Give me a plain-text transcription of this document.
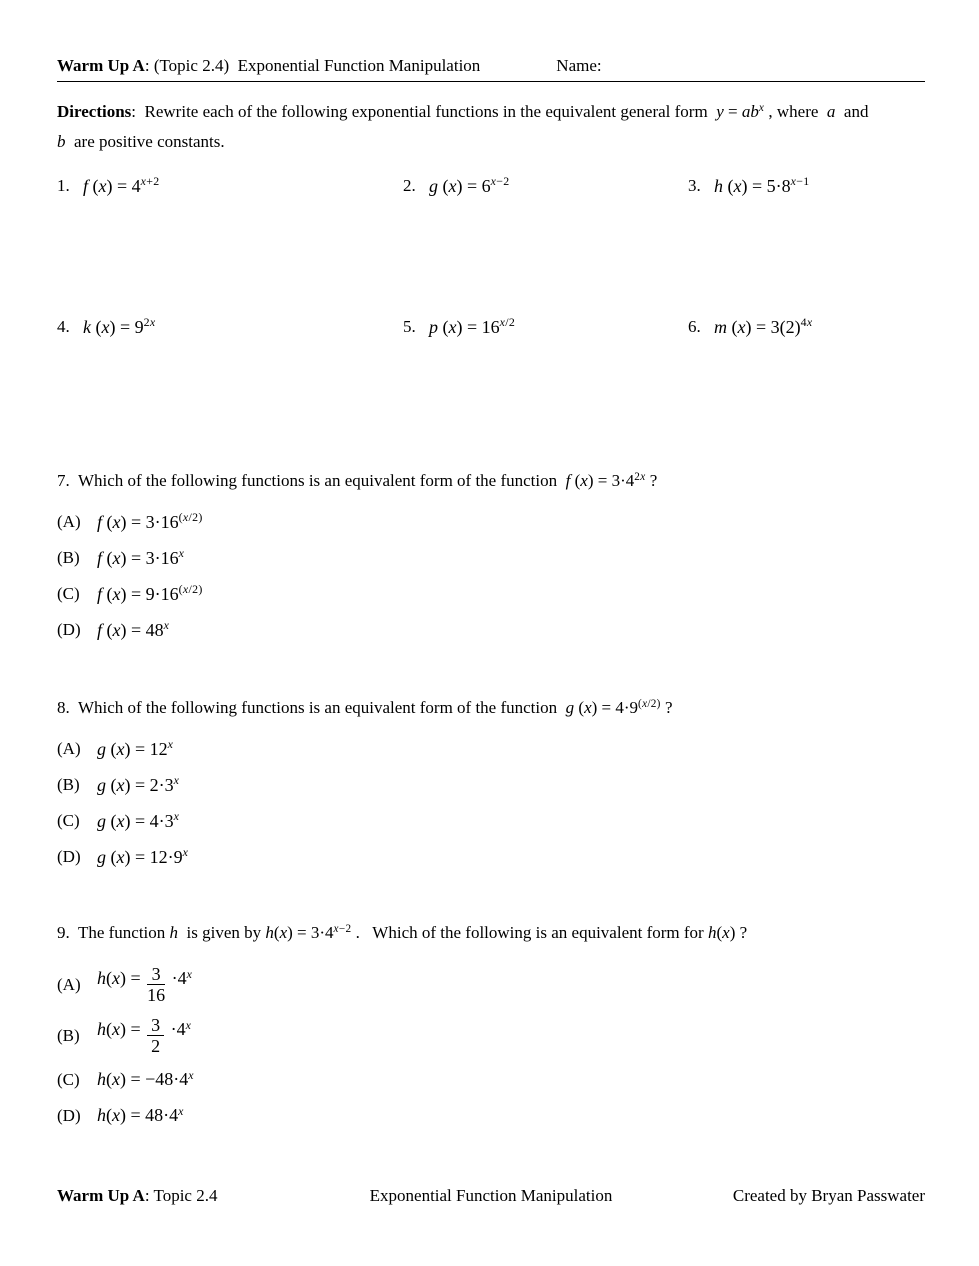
Warm Up A: (Topic 2.4)  Exponential Function Manipulation	Name:

Directions:  Rewrite each of the following exponential functions in the equivalent general form  $y = ab^x$ , where  a  and
b  are positive constants.

1. f $(x) = 4^{x+2}$	2. g $(x) = 6^{x-2}$	3. h $(x) = 5\cdot 8^{x-1}$
4. k $(x) = 9^{2x}$	5. p $(x) = 16^{x/2}$	6. m $(x) = 3(2)^{4x}$

7.  Which of the following functions is an equivalent form of the function  f $(x) = 3\cdot 4^{2x}$ ?

(A) f $(x) = 3\cdot 16^{(x/2)}$
(B) f $(x) = 3\cdot 16^x$
(C) f $(x) = 9\cdot 16^{(x/2)}$
(D) f $(x) = 48^x$

8.  Which of the following functions is an equivalent form of the function  g $(x) = 4\cdot 9^{(x/2)}$ ?

(A) g $(x) = 12^x$
(B) g $(x) = 2\cdot 3^x$
(C) g $(x) = 4\cdot 3^x$
(D) g $(x) = 12\cdot 9^x$

9.  The function h  is given by $h(x) = 3\cdot 4^{x-2}$ .   Which of the following is an equivalent form for h(x) ?

(A) $h(x) = \frac{3}{16} \cdot 4^x$
(B) $h(x) = \frac{3}{2} \cdot 4^x$
(C) $h(x) = -48\cdot 4^x$
(D) $h(x) = 48\cdot 4^x$
Warm Up A: Topic 2.4	Exponential Function Manipulation	Created by Bryan Passwater
